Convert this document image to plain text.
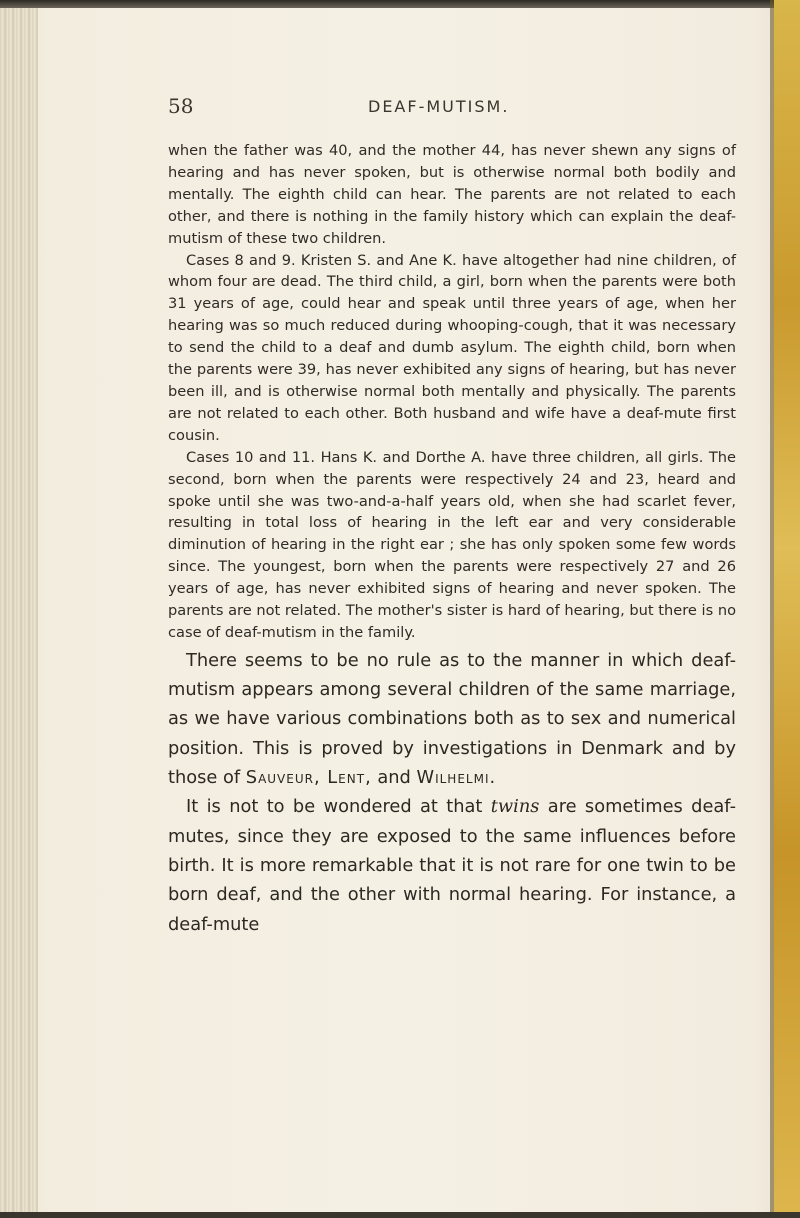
58	DEAF-MUTISM.

when the father was 40, and the mother 44, has never shewn any signs of hearing and has never spoken, but is otherwise normal both bodily and mentally. The eighth child can hear. The parents are not related to each other, and there is nothing in the family history which can explain the deaf-mutism of these two children.

Cases 8 and 9. Kristen S. and Ane K. have altogether had nine children, of whom four are dead. The third child, a girl, born when the parents were both 31 years of age, could hear and speak until three years of age, when her hearing was so much reduced during whooping-cough, that it was necessary to send the child to a deaf and dumb asylum. The eighth child, born when the parents were 39, has never exhibited any signs of hearing, but has never been ill, and is otherwise normal both mentally and physically. The parents are not related to each other. Both husband and wife have a deaf-mute first cousin.

Cases 10 and 11. Hans K. and Dorthe A. have three children, all girls. The second, born when the parents were respectively 24 and 23, heard and spoke until she was two-and-a-half years old, when she had scarlet fever, resulting in total loss of hearing in the left ear and very considerable diminution of hearing in the right ear ; she has only spoken some few words since. The youngest, born when the parents were respectively 27 and 26 years of age, has never exhibited signs of hearing and never spoken. The parents are not related. The mother's sister is hard of hearing, but there is no case of deaf-mutism in the family.

There seems to be no rule as to the manner in which deaf-mutism appears among several children of the same marriage, as we have various combinations both as to sex and numerical position. This is proved by investigations in Denmark and by those of Sauveur, Lent, and Wilhelmi.

It is not to be wondered at that twins are sometimes deaf-mutes, since they are exposed to the same influences before birth. It is more remarkable that it is not rare for one twin to be born deaf, and the other with normal hearing. For instance, a deaf-mute
